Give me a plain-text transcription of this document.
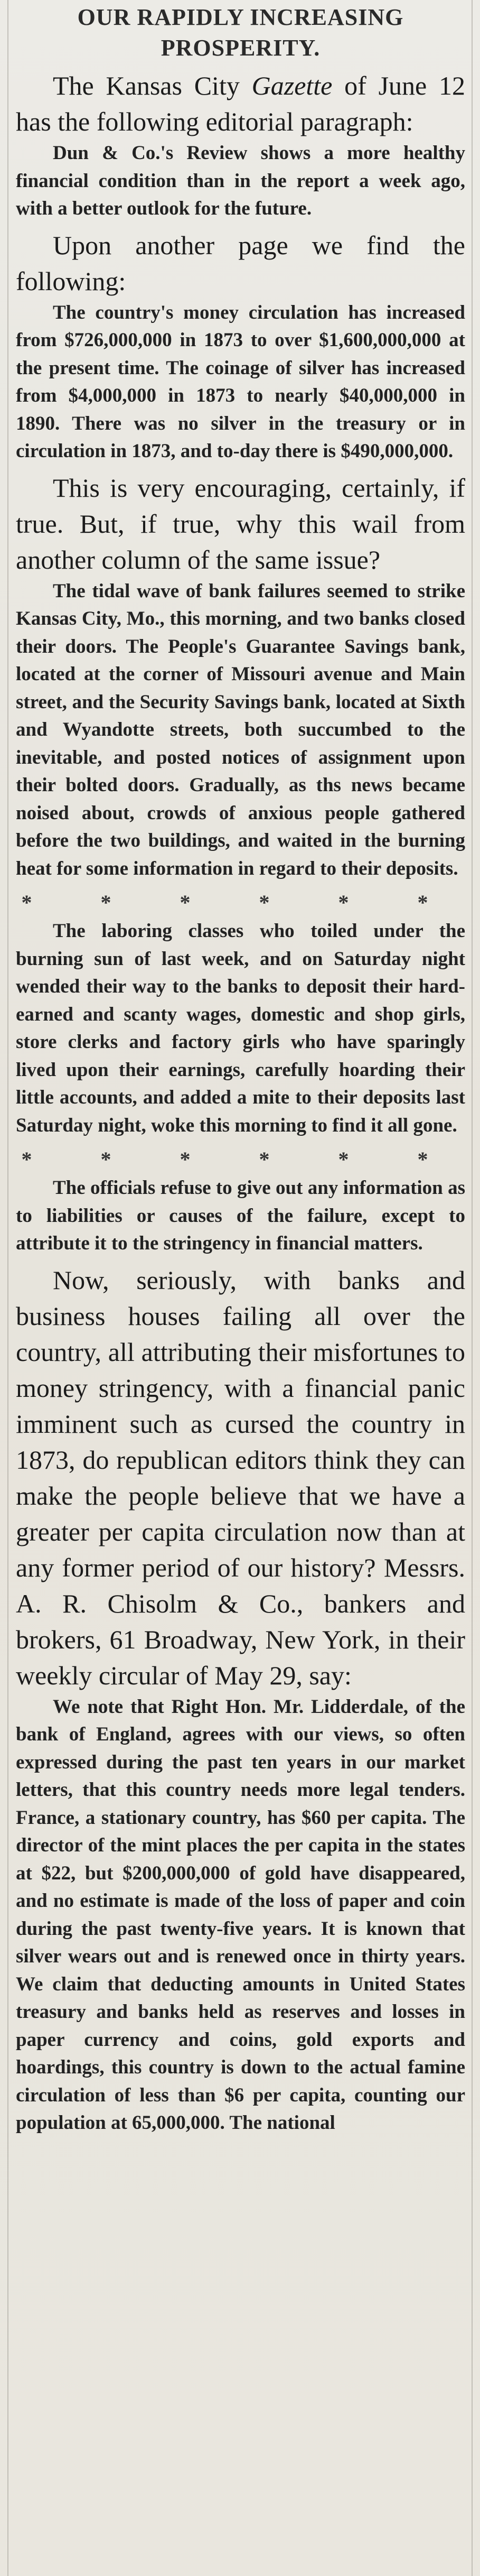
OUR RAPIDLY INCREASING PROSPERITY.

The Kansas City Gazette of June 12 has the following editorial paragraph:

Dun & Co.'s Review shows a more healthy financial condition than in the report a week ago, with a better outlook for the future.

Upon another page we find the following:

The country's money circulation has increased from $726,000,000 in 1873 to over $1,600,000,000 at the present time. The coinage of silver has increased from $4,000,000 in 1873 to nearly $40,000,000 in 1890. There was no silver in the treasury or in circulation in 1873, and to-day there is $490,000,000.

This is very encouraging, certainly, if true. But, if true, why this wail from another column of the same issue?

The tidal wave of bank failures seemed to strike Kansas City, Mo., this morning, and two banks closed their doors. The People's Guarantee Savings bank, located at the corner of Missouri avenue and Main street, and the Security Savings bank, located at Sixth and Wyandotte streets, both succumbed to the inevitable, and posted notices of assignment upon their bolted doors. Gradually, as ths news became noised about, crowds of anxious people gathered before the two buildings, and waited in the burning heat for some information in regard to their deposits.

* * * * * *

The laboring classes who toiled under the burning sun of last week, and on Saturday night wended their way to the banks to deposit their hard-earned and scanty wages, domestic and shop girls, store clerks and factory girls who have sparingly lived upon their earnings, carefully hoarding their little accounts, and added a mite to their deposits last Saturday night, woke this morning to find it all gone.

* * * * * *

The officials refuse to give out any information as to liabilities or causes of the failure, except to attribute it to the stringency in financial matters.

Now, seriously, with banks and business houses failing all over the country, all attributing their misfortunes to money stringency, with a financial panic imminent such as cursed the country in 1873, do republican editors think they can make the people believe that we have a greater per capita circulation now than at any former period of our history? Messrs. A. R. Chisolm & Co., bankers and brokers, 61 Broadway, New York, in their weekly circular of May 29, say:

We note that Right Hon. Mr. Lidderdale, of the bank of England, agrees with our views, so often expressed during the past ten years in our market letters, that this country needs more legal tenders. France, a stationary country, has $60 per capita. The director of the mint places the per capita in the states at $22, but $200,000,000 of gold have disappeared, and no estimate is made of the loss of paper and coin during the past twenty-five years. It is known that silver wears out and is renewed once in thirty years. We claim that deducting amounts in United States treasury and banks held as reserves and losses in paper currency and coins, gold exports and hoardings, this country is down to the actual famine circulation of less than $6 per capita, counting our population at 65,000,000. The national
